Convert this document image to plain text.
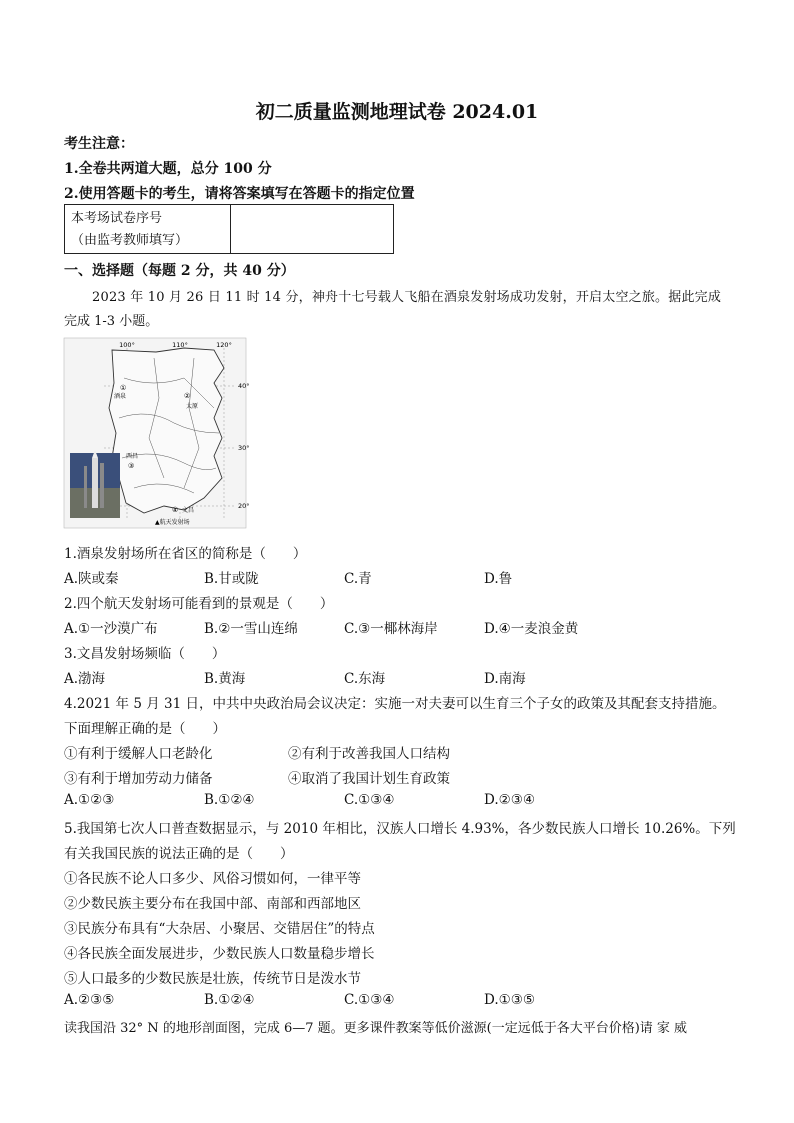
初二质量监测地理试卷 2024.01
考生注意：
1.全卷共两道大题，总分 100 分
2.使用答题卡的考生，请将答案填写在答题卡的指定位置
本考场试卷序号
（由监考教师填写）

一、选择题（每题 2 分，共 40 分）
2023 年 10 月 26 日 11 时 14 分，神舟十七号载人飞船在酒泉发射场成功发射，开启太空之旅。据此完成
完成 1-3 小题。
100°	110°	120°
40°
30°
20°
①
酒泉	②
太原
西昌
③
④ 文昌
▲航天发射场
1.酒泉发射场所在省区的简称是（　　）
A.陕或秦	B.甘或陇	C.青	D.鲁
2.四个航天发射场可能看到的景观是（　　）
A.①一沙漠广布	B.②一雪山连绵	C.③一椰林海岸	D.④一麦浪金黄
3.文昌发射场频临（　　）
A.渤海	B.黄海	C.东海	D.南海
4.2021 年 5 月 31 日，中共中央政治局会议决定：实施一对夫妻可以生育三个子女的政策及其配套支持措施。
下面理解正确的是（　　）
①有利于缓解人口老龄化	②有利于改善我国人口结构
③有利于增加劳动力储备	④取消了我国计划生育政策
A.①②③	B.①②④	C.①③④	D.②③④
5.我国第七次人口普查数据显示，与 2010 年相比，汉族人口增长 4.93%，各少数民族人口增长 10.26%。下列
有关我国民族的说法正确的是（　　）
①各民族不论人口多少、风俗习惯如何，一律平等
②少数民族主要分布在我国中部、南部和西部地区
③民族分布具有“大杂居、小聚居、交错居住”的特点
④各民族全面发展进步，少数民族人口数量稳步增长
⑤人口最多的少数民族是壮族，传统节日是泼水节
A.②③⑤	B.①②④	C.①③④	D.①③⑤
读我国沿 32° N 的地形剖面图，完成 6—7 题。更多课件教案等低价滋源(一定远低于各大平台价格)请 家 威
